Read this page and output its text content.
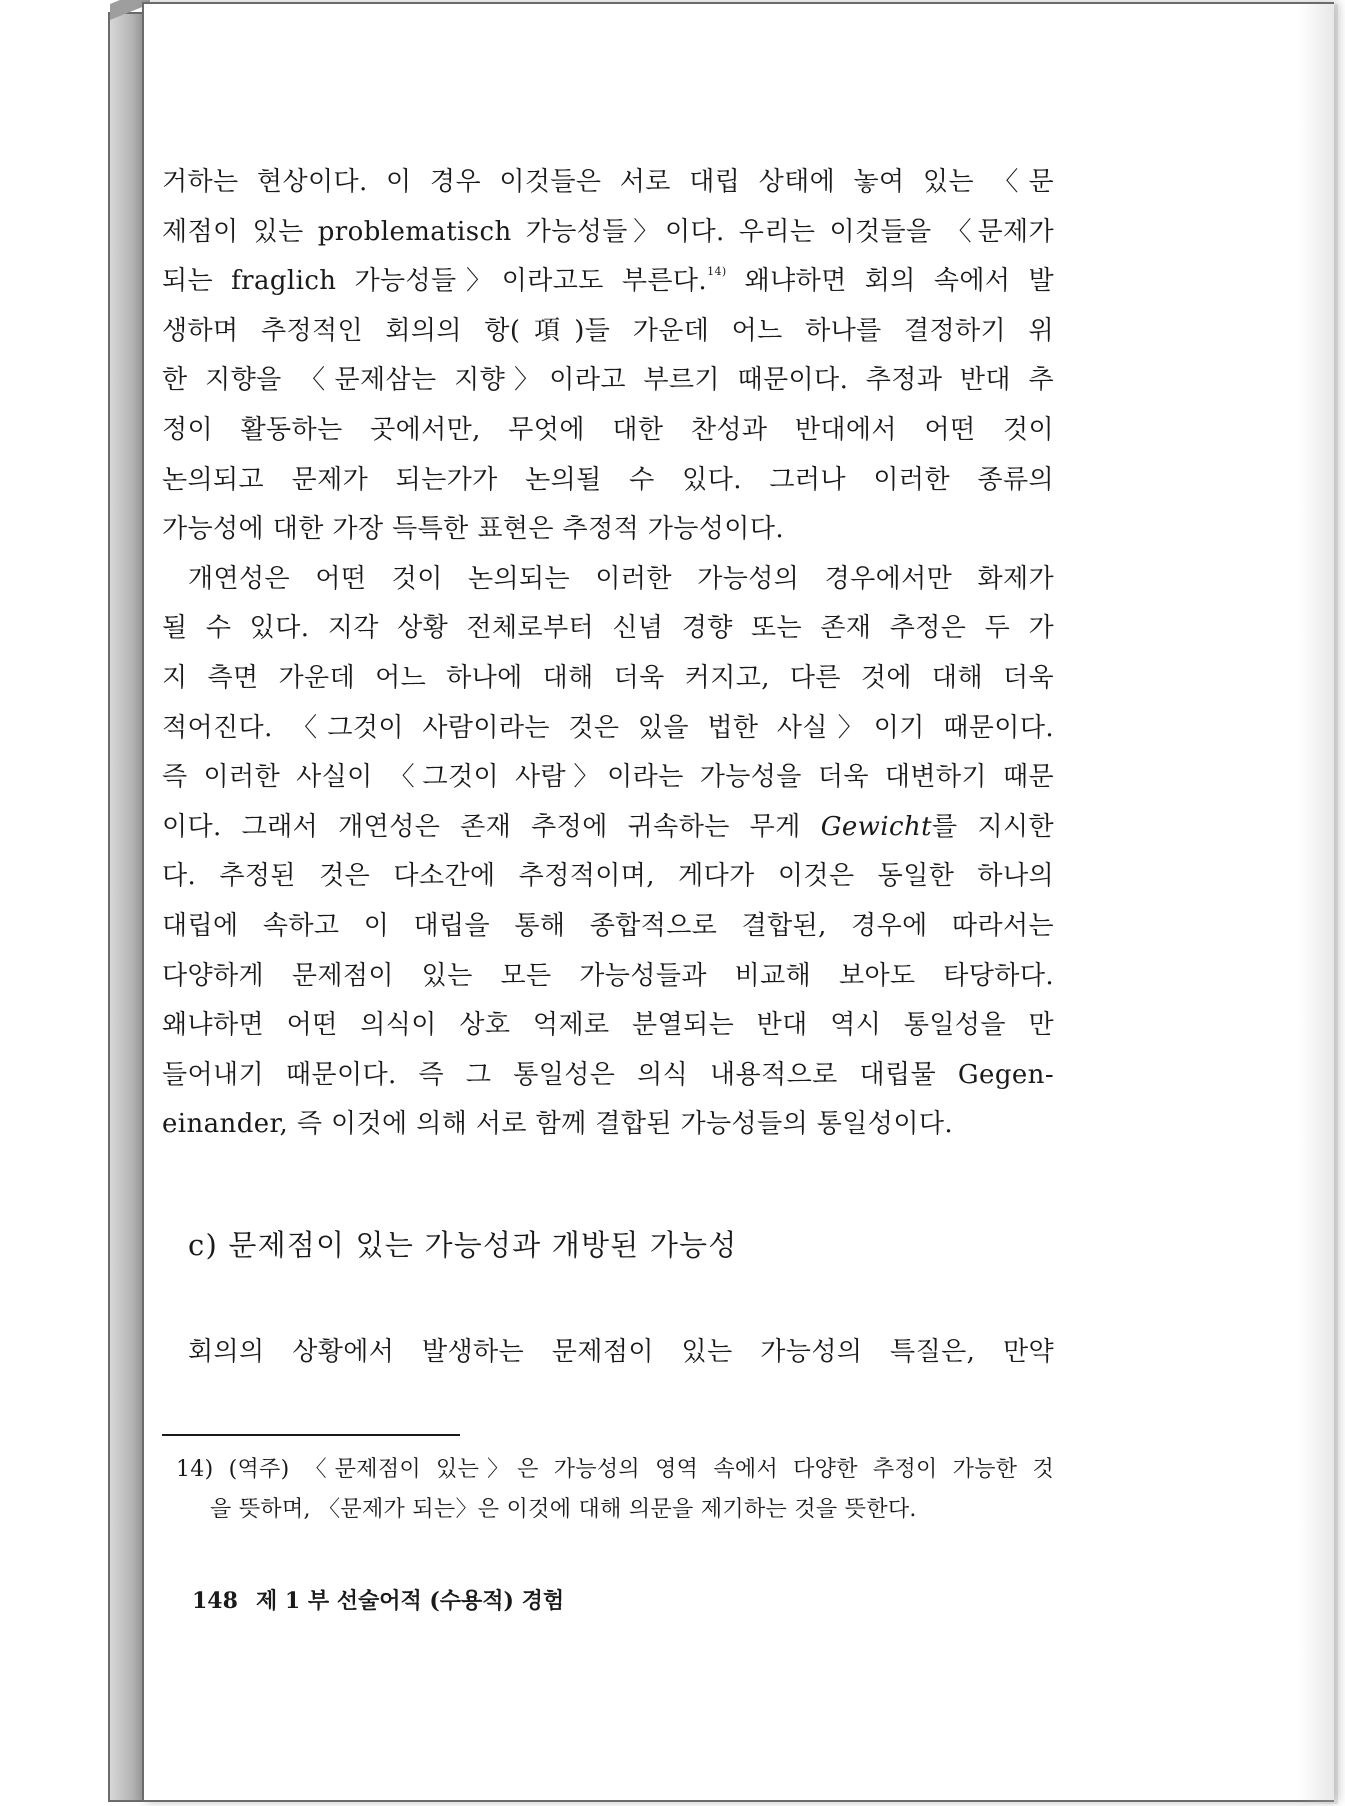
거하는 현상이다. 이 경우 이것들은 서로 대립 상태에 놓여 있는 〈문
제점이 있는 problematisch 가능성들〉이다. 우리는 이것들을 〈문제가
되는 fraglich 가능성들〉이라고도 부른다.$^{14)}$ 왜냐하면 회의 속에서 발
생하며 추정적인 회의의 항(項)들 가운데 어느 하나를 결정하기 위
한 지향을 〈문제삼는 지향〉이라고 부르기 때문이다. 추정과 반대 추
정이 활동하는 곳에서만, 무엇에 대한 찬성과 반대에서 어떤 것이
논의되고 문제가 되는가가 논의될 수 있다. 그러나 이러한 종류의
가능성에 대한 가장 득특한 표현은 추정적 가능성이다.
개연성은 어떤 것이 논의되는 이러한 가능성의 경우에서만 화제가
될 수 있다. 지각 상황 전체로부터 신념 경향 또는 존재 추정은 두 가
지 측면 가운데 어느 하나에 대해 더욱 커지고, 다른 것에 대해 더욱
적어진다. 〈그것이 사람이라는 것은 있을 법한 사실〉이기 때문이다.
즉 이러한 사실이 〈그것이 사람〉이라는 가능성을 더욱 대변하기 때문
이다. 그래서 개연성은 존재 추정에 귀속하는 무게 Gewicht를 지시한
다. 추정된 것은 다소간에 추정적이며, 게다가 이것은 동일한 하나의
대립에 속하고 이 대립을 통해 종합적으로 결합된, 경우에 따라서는
다양하게 문제점이 있는 모든 가능성들과 비교해 보아도 타당하다.
왜냐하면 어떤 의식이 상호 억제로 분열되는 반대 역시 통일성을 만
들어내기 때문이다. 즉 그 통일성은 의식 내용적으로 대립물 Gegen-
einander, 즉 이것에 의해 서로 함께 결합된 가능성들의 통일성이다.
c) 문제점이 있는 가능성과 개방된 가능성
회의의 상황에서 발생하는 문제점이 있는 가능성의 특질은, 만약
14) (역주) 〈문제점이 있는〉은 가능성의 영역 속에서 다양한 추정이 가능한 것
을 뜻하며, 〈문제가 되는〉은 이것에 대해 의문을 제기하는 것을 뜻한다.
148 제 1 부 선술어적 (수용적) 경험
